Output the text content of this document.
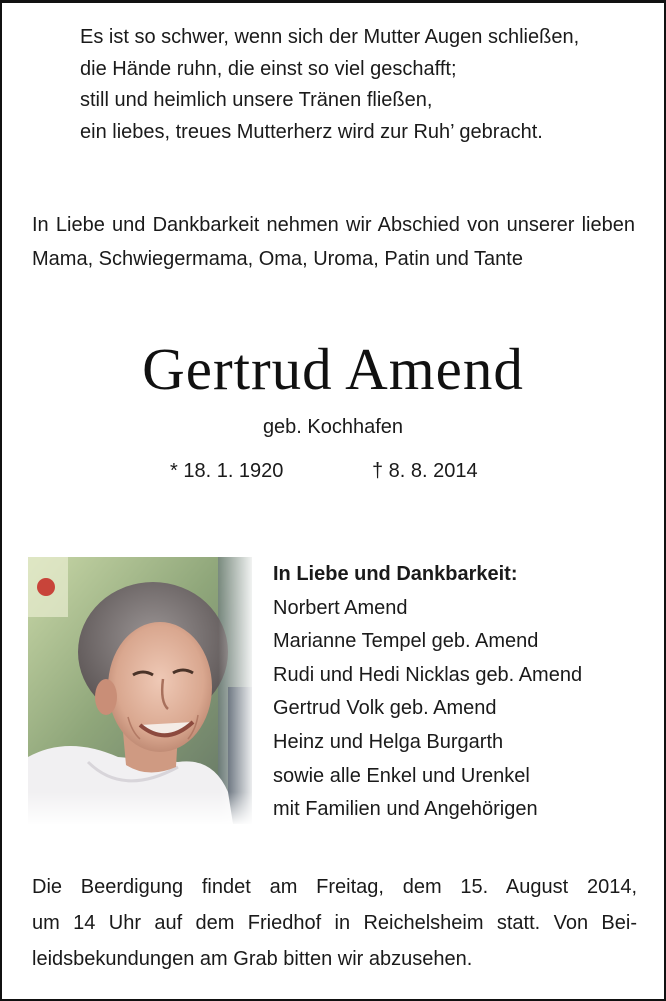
Es ist so schwer, wenn sich der Mutter Augen schließen,
die Hände ruhn, die einst so viel geschafft;
still und heimlich unsere Tränen fließen,
ein liebes, treues Mutterherz wird zur Ruh’ gebracht.
In Liebe und Dankbarkeit nehmen wir Abschied von unserer lieben Mama, Schwiegermama, Oma, Uroma, Patin und Tante
Gertrud Amend
geb. Kochhafen
* 18. 1. 1920	† 8. 8. 2014
In Liebe und Dankbarkeit:
Norbert Amend
Marianne Tempel geb. Amend
Rudi und Hedi Nicklas geb. Amend
Gertrud Volk geb. Amend
Heinz und Helga Burgarth
sowie alle Enkel und Urenkel
mit Familien und Angehörigen
Die Beerdigung findet am Freitag, dem 15. August 2014,
um 14 Uhr auf dem Friedhof in Reichelsheim statt. Von Bei-
leidsbekundungen am Grab bitten wir abzusehen.
